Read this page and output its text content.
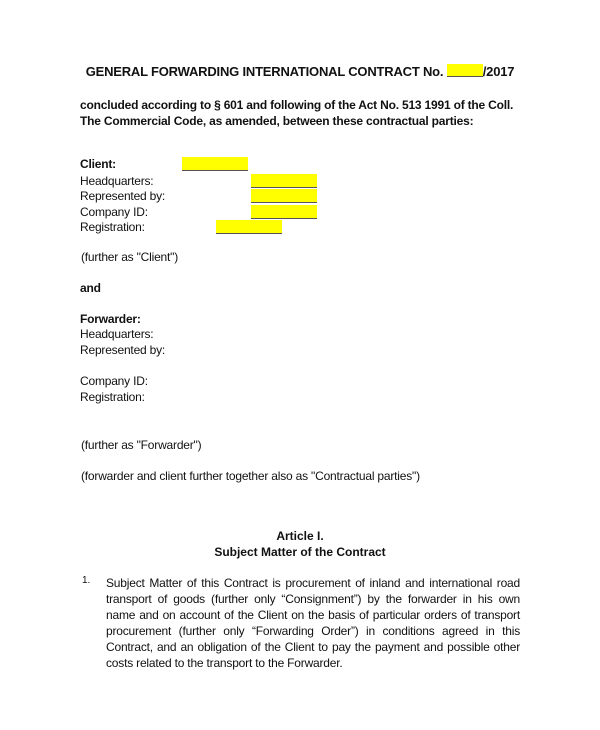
GENERAL FORWARDING INTERNATIONAL CONTRACT No.	/2017
concluded according to § 601 and following of the Act No. 513 1991 of the Coll. The Commercial Code, as amended, between these contractual parties:
Client:
Headquarters:
Represented by:
Company ID:
Registration:
(further as "Client")
and
Forwarder:
Headquarters:
Represented by:
Company ID:
Registration:
(further as "Forwarder")
(forwarder and client further together also as "Contractual parties")
Article I.
Subject Matter of the Contract
1. Subject Matter of this Contract is procurement of inland and international road transport of goods (further only “Consignment”) by the forwarder in his own name and on account of the Client on the basis of particular orders of transport procurement (further only “Forwarding Order”) in conditions agreed in this Contract, and an obligation of the Client to pay the payment and possible other costs related to the transport to the Forwarder.
